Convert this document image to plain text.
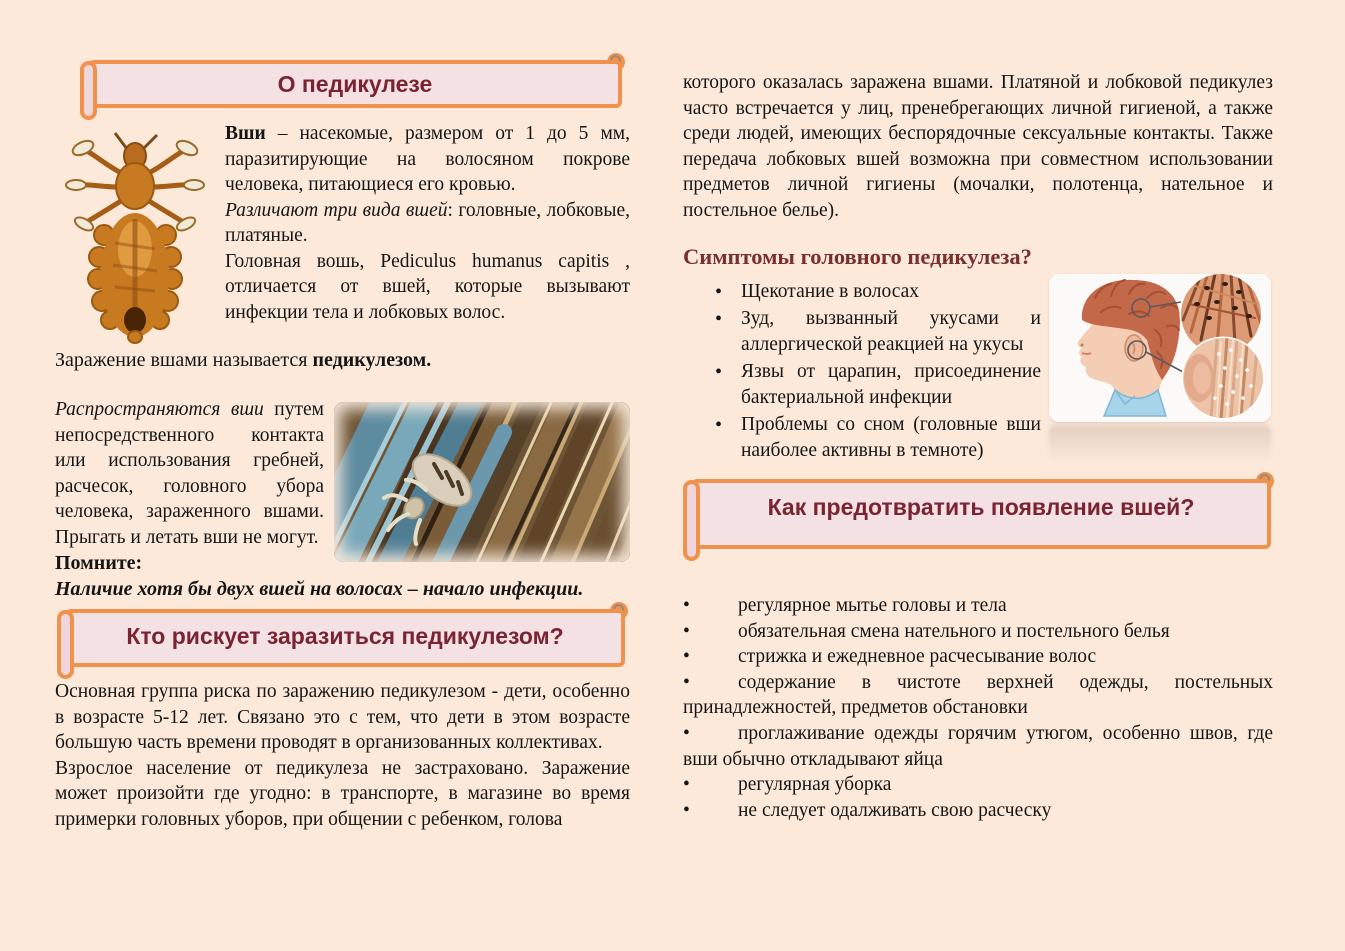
О педикулезе

Вши – насекомые, размером от 1 до 5 мм, паразитирующие на волосяном покрове человека, питающиеся его кровью.
Различают три вида вшей: головные, лобковые, платяные.
Головная вошь, Pediculus humanus capitis , отличается от вшей, которые вызывают инфекции тела и лобковых волос.

Заражение вшами называется педикулезом.

Распространяются вши путем непосредственного контакта или использования гребней, расчесок, головного убора человека, зараженного вшами. Прыгать и летать вши не могут.

Помните:

Наличие хотя бы двух вшей на волосах – начало инфекции.

Кто рискует заразиться педикулезом?

Основная группа риска по заражению педикулезом - дети, особенно в возрасте 5-12 лет. Связано это с тем, что дети в этом возрасте большую часть времени проводят в организованных коллективах.

Взрослое население от педикулеза не застраховано. Заражение может произойти где угодно: в транспорте, в магазине во время примерки головных уборов, при общении с ребенком, голова

которого оказалась заражена вшами. Платяной и лобковой педикулез часто встречается у лиц, пренебрегающих личной гигиеной, а также среди людей, имеющих беспорядочные сексуальные контакты. Также передача лобковых вшей возможна при совместном использовании предметов личной гигиены (мочалки, полотенца, нательное и постельное белье).

Симптомы головного педикулеза?
• Щекотание в волосах
• Зуд, вызванный укусами и аллергической реакцией на укусы
• Язвы от царапин, присоединение бактериальной инфекции
• Проблемы со сном (головные вши наиболее активны в темноте)
Как предотвратить появление вшей?
• регулярное мытье головы и тела
• обязательная смена нательного и постельного белья
• стрижка и ежедневное расчесывание волос
• содержание в чистоте верхней одежды, постельных принадлежностей, предметов обстановки
• проглаживание одежды горячим утюгом, особенно швов, где вши обычно откладывают яйца
• регулярная уборка
• не следует одалживать свою расческу
